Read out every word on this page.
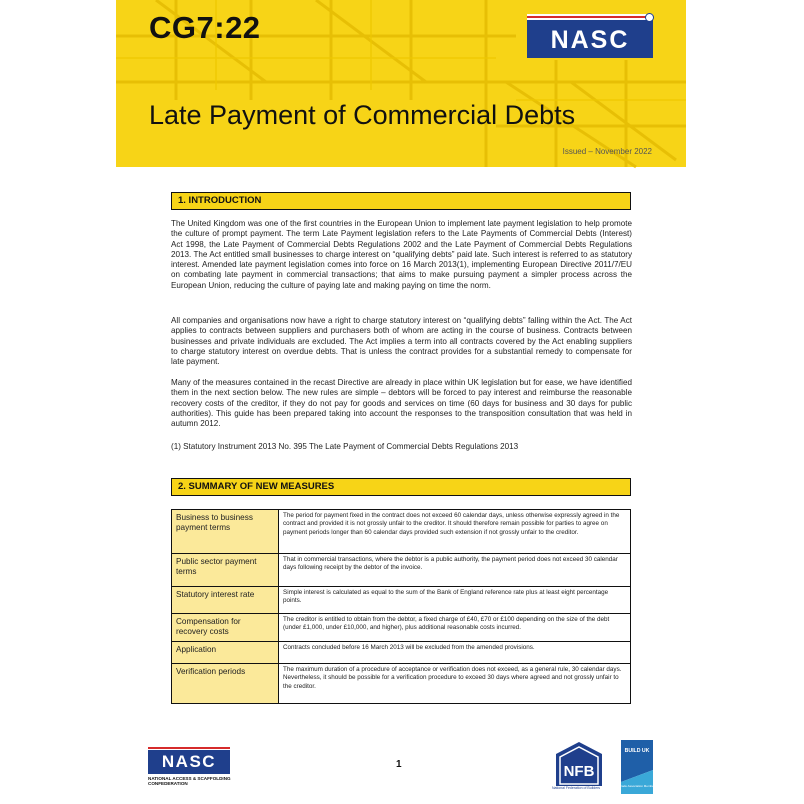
CG7:22	NASC
Late Payment of Commercial Debts
Issued – November 2022
1. INTRODUCTION

The United Kingdom was one of the first countries in the European Union to implement late payment legislation to help promote the culture of prompt payment. The term Late Payment legislation refers to the Late Payments of Commercial Debts (Interest) Act 1998, the Late Payment of Commercial Debts Regulations 2002 and the Late Payment of Commercial Debts Regulations 2013. The Act entitled small businesses to charge interest on “qualifying debts” paid late. Such interest is referred to as statutory interest. Amended late payment legislation comes into force on 16 March 2013(1), implementing European Directive 2011/7/EU on combating late payment in commercial transactions; that aims to make pursuing payment a simpler process across the European Union, reducing the culture of paying late and making paying on time the norm.

All companies and organisations now have a right to charge statutory interest on “qualifying debts” falling within the Act. The Act applies to contracts between suppliers and purchasers both of whom are acting in the course of business. Contracts between businesses and private individuals are excluded. The Act implies a term into all contracts covered by the Act enabling suppliers to charge statutory interest on overdue debts. That is unless the contract provides for a substantial remedy to compensate for late payment.

Many of the measures contained in the recast Directive are already in place within UK legislation but for ease, we have identified them in the next section below. The new rules are simple – debtors will be forced to pay interest and reimburse the reasonable recovery costs of the creditor, if they do not pay for goods and services on time (60 days for business and 30 days for public authorities). This guide has been prepared taking into account the responses to the transposition consultation that was held in autumn 2012.

(1) Statutory Instrument 2013 No. 395 The Late Payment of Commercial Debts Regulations 2013
2. SUMMARY OF NEW MEASURES
Business to business payment terms	The period for payment fixed in the contract does not exceed 60 calendar days, unless otherwise expressly agreed in the contract and provided it is not grossly unfair to the creditor. It should therefore remain possible for parties to agree on payment periods longer than 60 calendar days provided such extension if not grossly unfair to the creditor.
Public sector payment terms	That in commercial transactions, where the debtor is a public authority, the payment period does not exceed 30 calendar days following receipt by the debtor of the invoice.
Statutory interest rate	Simple interest is calculated as equal to the sum of the Bank of England reference rate plus at least eight percentage points.
Compensation for recovery costs	The creditor is entitled to obtain from the debtor, a fixed charge of £40, £70 or £100 depending on the size of the debt (under £1,000, under £10,000, and higher), plus additional reasonable costs incurred.
Application	Contracts concluded before 16 March 2013 will be excluded from the amended provisions.
Verification periods	The maximum duration of a procedure of acceptance or verification does not exceed, as a general rule, 30 calendar days. Nevertheless, it should be possible for a verification procedure to exceed 30 days where agreed and not grossly unfair to the creditor.
NASC
NATIONAL ACCESS & SCAFFOLDING CONFEDERATION
1	NFB
National Federation of Builders
BUILD UK
Trade Association Member
